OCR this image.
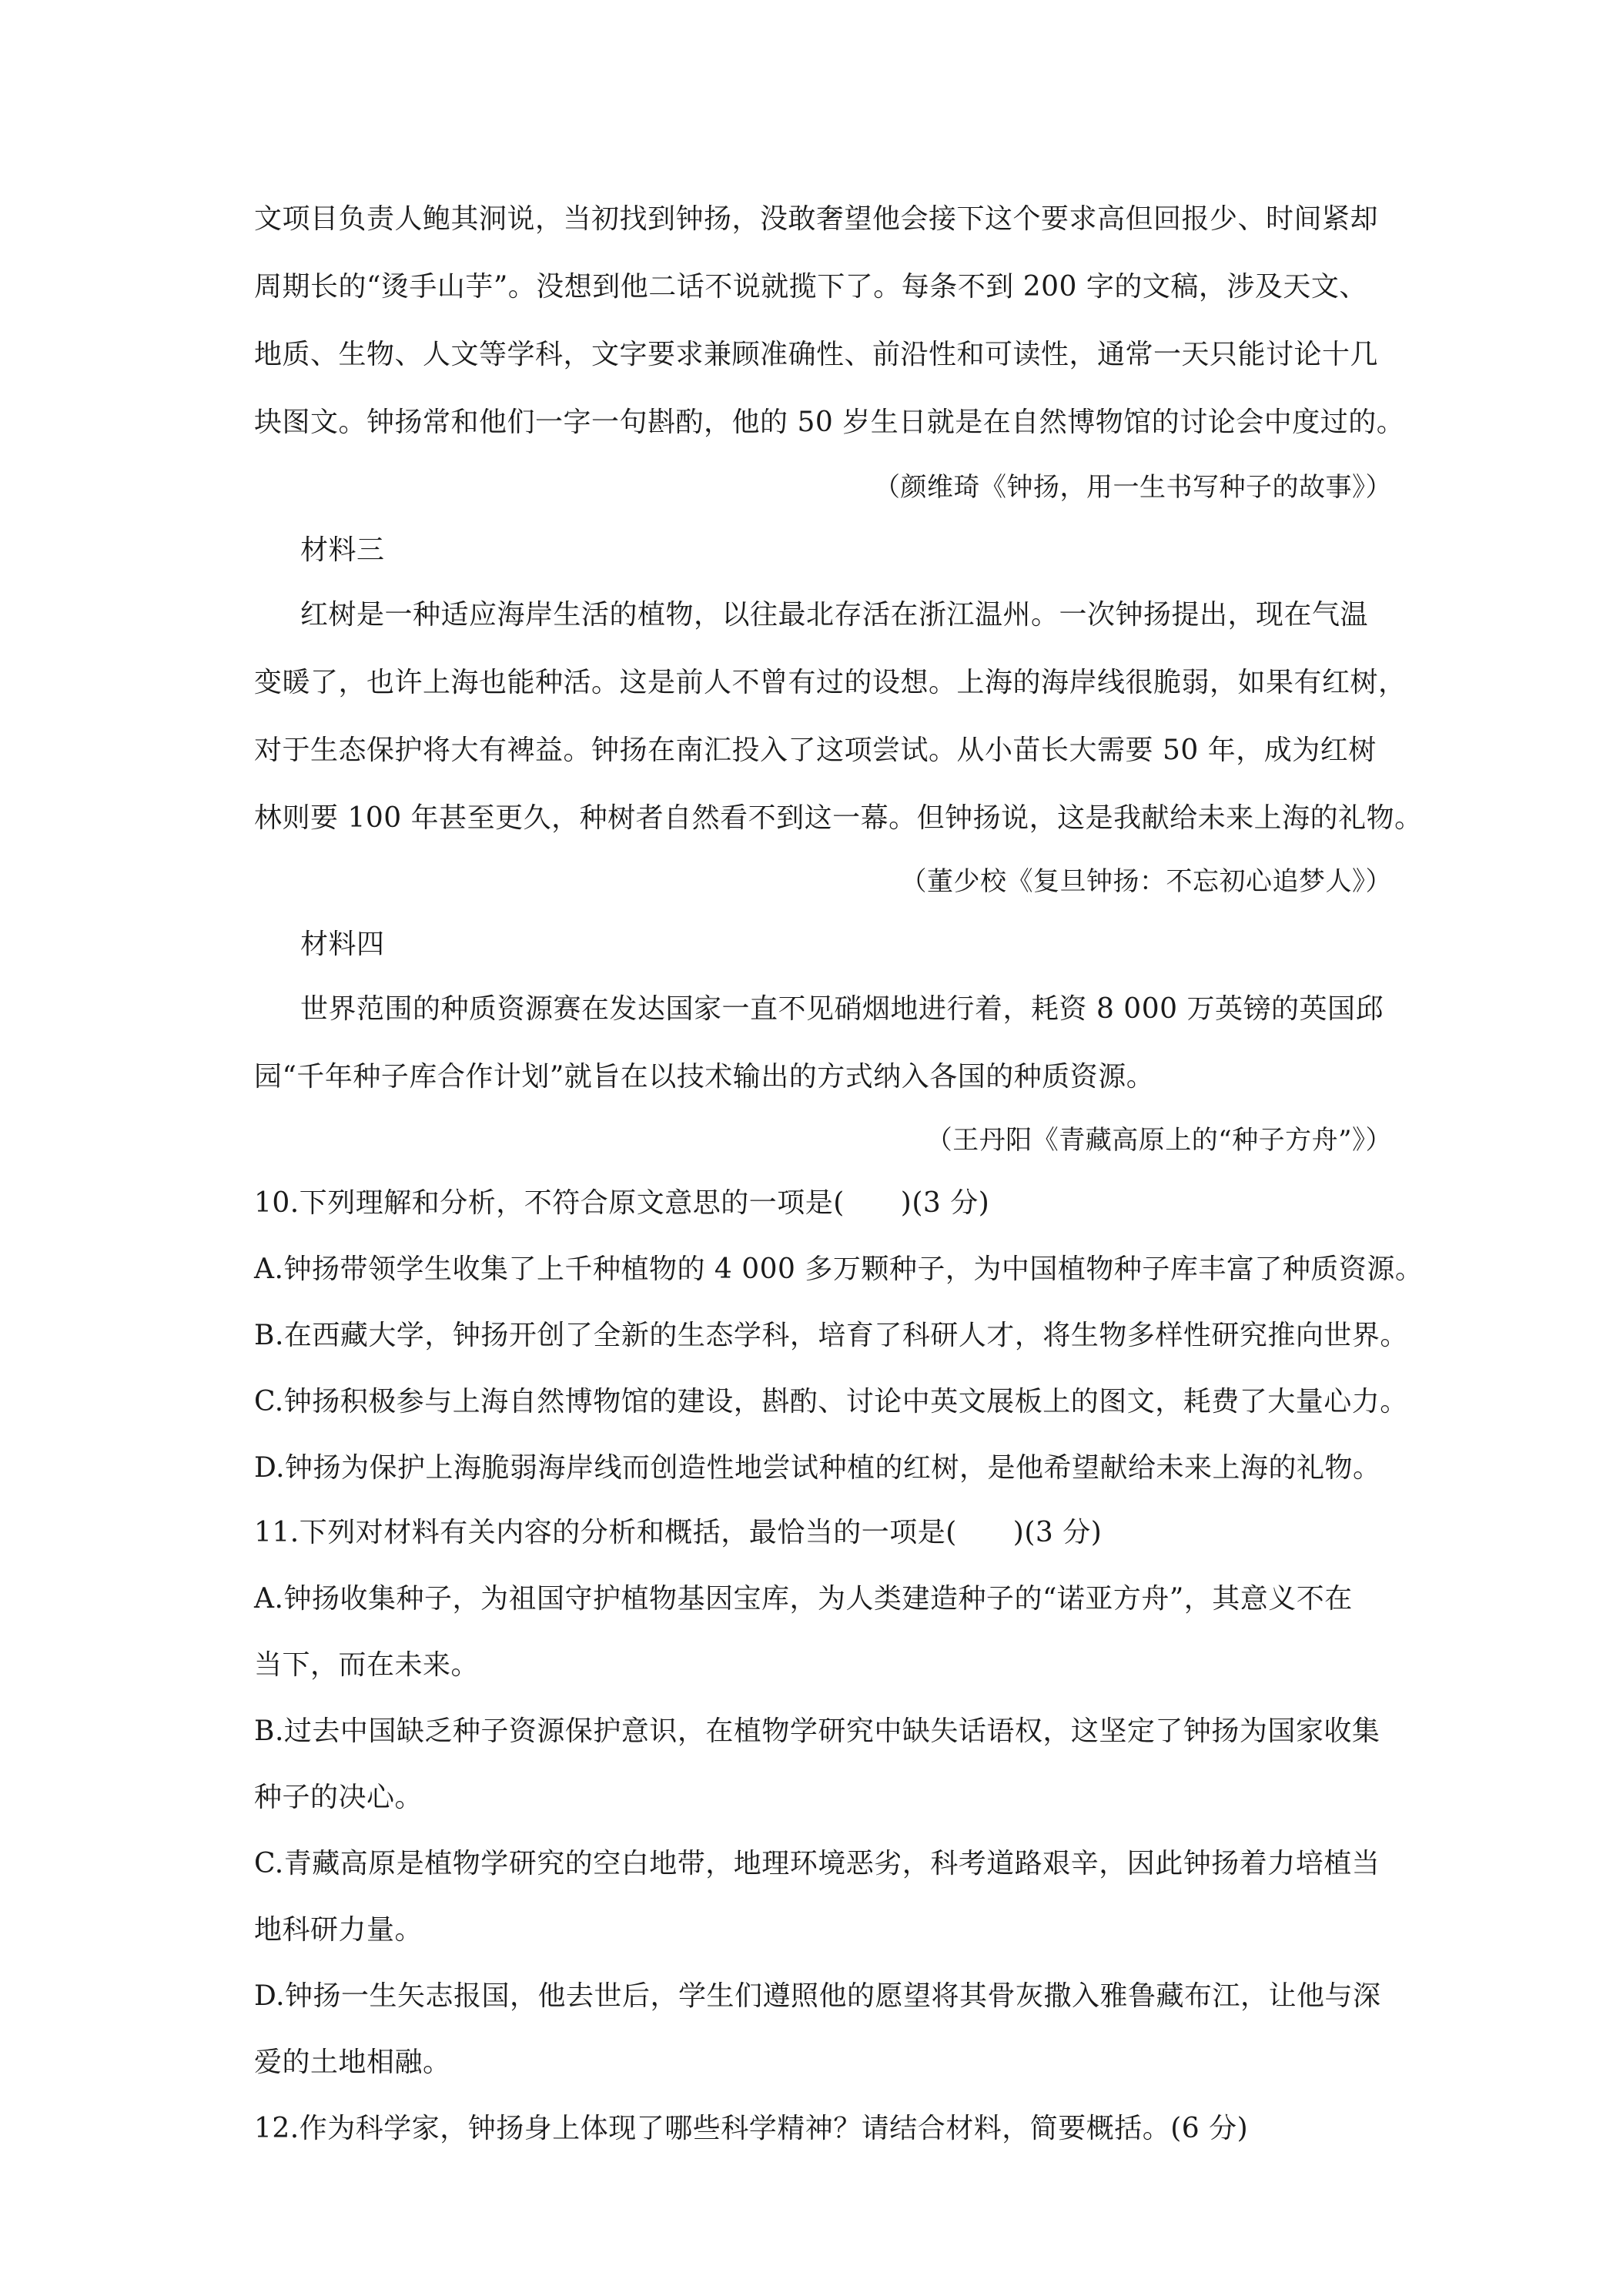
文项目负责人鲍其泂说，当初找到钟扬，没敢奢望他会接下这个要求高但回报少、时间紧却
周期长的“烫手山芋”。没想到他二话不说就揽下了。每条不到 200 字的文稿，涉及天文、
地质、生物、人文等学科，文字要求兼顾准确性、前沿性和可读性，通常一天只能讨论十几
块图文。钟扬常和他们一字一句斟酌，他的 50 岁生日就是在自然博物馆的讨论会中度过的。
（颜维琦《钟扬，用一生书写种子的故事》）
材料三
红树是一种适应海岸生活的植物，以往最北存活在浙江温州。一次钟扬提出，现在气温
变暖了，也许上海也能种活。这是前人不曾有过的设想。上海的海岸线很脆弱，如果有红树，
对于生态保护将大有裨益。钟扬在南汇投入了这项尝试。从小苗长大需要 50 年，成为红树
林则要 100 年甚至更久，种树者自然看不到这一幕。但钟扬说，这是我献给未来上海的礼物。
（董少校《复旦钟扬：不忘初心追梦人》）
材料四
世界范围的种质资源赛在发达国家一直不见硝烟地进行着，耗资 8 000 万英镑的英国邱
园“千年种子库合作计划”就旨在以技术输出的方式纳入各国的种质资源。
（王丹阳《青藏高原上的“种子方舟”》）
10.下列理解和分析，不符合原文意思的一项是(　　)(3 分)
A.钟扬带领学生收集了上千种植物的 4 000 多万颗种子，为中国植物种子库丰富了种质资源。
B.在西藏大学，钟扬开创了全新的生态学科，培育了科研人才，将生物多样性研究推向世界。
C.钟扬积极参与上海自然博物馆的建设，斟酌、讨论中英文展板上的图文，耗费了大量心力。
D.钟扬为保护上海脆弱海岸线而创造性地尝试种植的红树，是他希望献给未来上海的礼物。
11.下列对材料有关内容的分析和概括，最恰当的一项是(　　)(3 分)
A.钟扬收集种子，为祖国守护植物基因宝库，为人类建造种子的“诺亚方舟”，其意义不在
当下，而在未来。
B.过去中国缺乏种子资源保护意识，在植物学研究中缺失话语权，这坚定了钟扬为国家收集
种子的决心。
C.青藏高原是植物学研究的空白地带，地理环境恶劣，科考道路艰辛，因此钟扬着力培植当
地科研力量。
D.钟扬一生矢志报国，他去世后，学生们遵照他的愿望将其骨灰撒入雅鲁藏布江，让他与深
爱的土地相融。
12.作为科学家，钟扬身上体现了哪些科学精神？请结合材料，简要概括。(6 分)
